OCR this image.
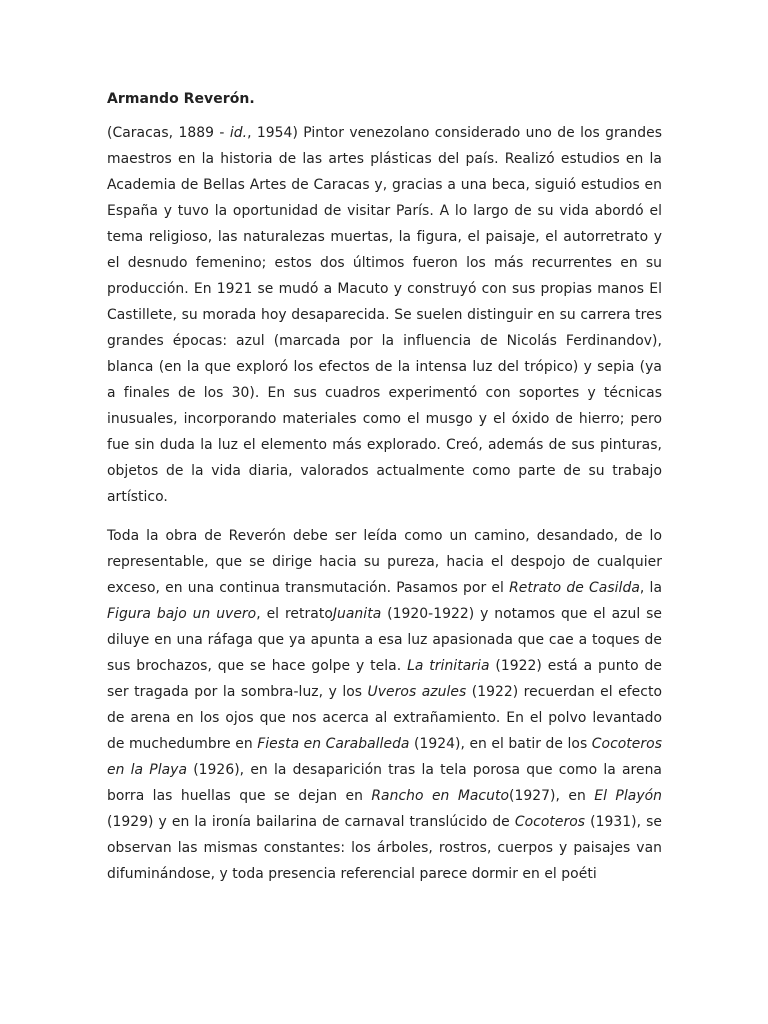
Armando Reverón.

(Caracas, 1889 - id., 1954) Pintor venezolano considerado uno de los grandes maestros en la historia de las artes plásticas del país. Realizó estudios en la Academia de Bellas Artes de Caracas y, gracias a una beca, siguió estudios en España y tuvo la oportunidad de visitar París. A lo largo de su vida abordó el tema religioso, las naturalezas muertas, la figura, el paisaje, el autorretrato y el desnudo femenino; estos dos últimos fueron los más recurrentes en su producción. En 1921 se mudó a Macuto y construyó con sus propias manos El Castillete, su morada hoy desaparecida. Se suelen distinguir en su carrera tres grandes épocas: azul (marcada por la influencia de Nicolás Ferdinandov), blanca (en la que exploró los efectos de la intensa luz del trópico) y sepia (ya a finales de los 30). En sus cuadros experimentó con soportes y técnicas inusuales, incorporando materiales como el musgo y el óxido de hierro; pero fue sin duda la luz el elemento más explorado. Creó, además de sus pinturas, objetos de la vida diaria, valorados actualmente como parte de su trabajo artístico.

Toda la obra de Reverón debe ser leída como un camino, desandado, de lo representable, que se dirige hacia su pureza, hacia el despojo de cualquier exceso, en una continua transmutación. Pasamos por el Retrato de Casilda, la Figura bajo un uvero, el retratoJuanita (1920-1922) y notamos que el azul se diluye en una ráfaga que ya apunta a esa luz apasionada que cae a toques de sus brochazos, que se hace golpe y tela. La trinitaria (1922) está a punto de ser tragada por la sombra-luz, y los Uveros azules (1922) recuerdan el efecto de arena en los ojos que nos acerca al extrañamiento. En el polvo levantado de muchedumbre en Fiesta en Caraballeda (1924), en el batir de los Cocoteros en la Playa (1926), en la desaparición tras la tela porosa que como la arena borra las huellas que se dejan en Rancho en Macuto(1927), en El Playón (1929) y en la ironía bailarina de carnaval translúcido de Cocoteros (1931), se observan las mismas constantes: los árboles, rostros, cuerpos y paisajes van difuminándose, y toda presencia referencial parece dormir en el poéti
